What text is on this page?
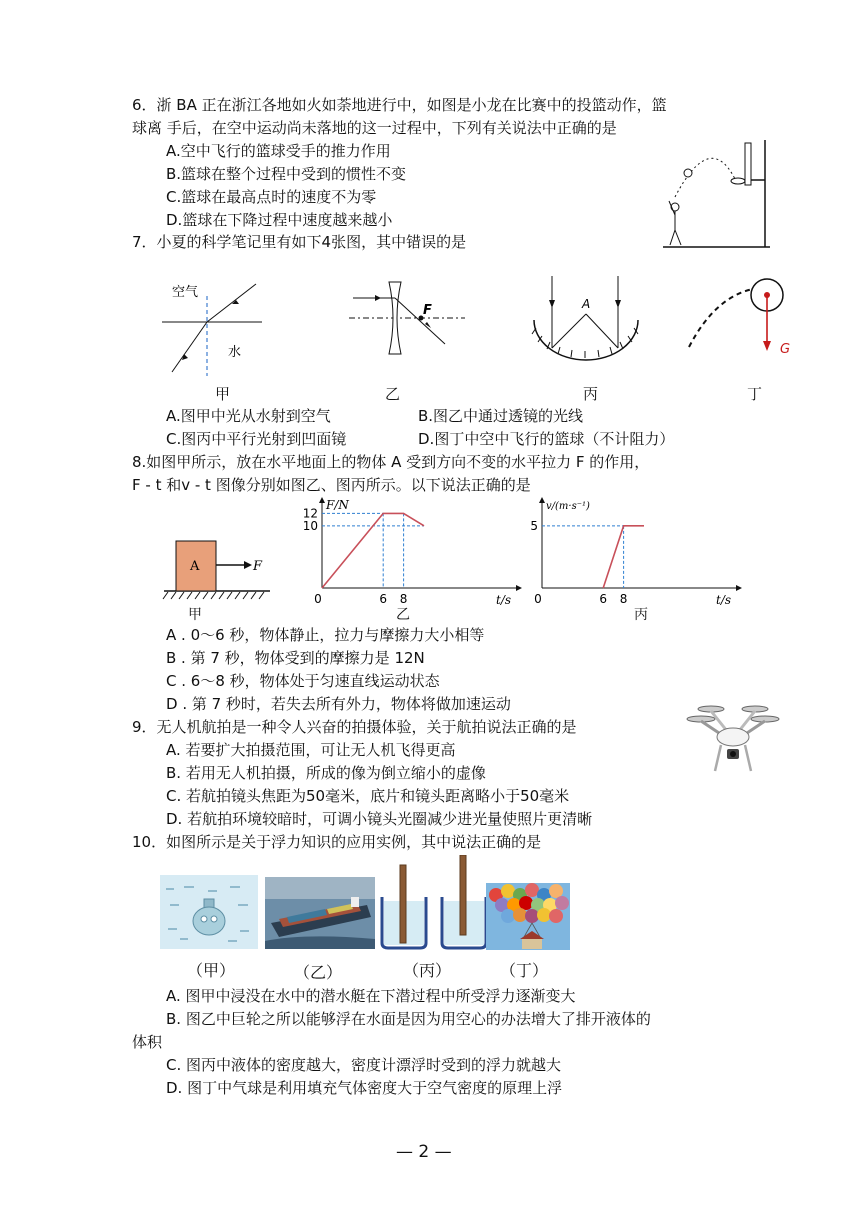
6．浙 BA 正在浙江各地如火如荼地进行中，如图是小龙在比赛中的投篮动作，篮
球离 手后，在空中运动尚未落地的这一过程中，下列有关说法中正确的是
A.空中飞行的篮球受手的推力作用
B.篮球在整个过程中受到的惯性不变
C.篮球在最高点时的速度不为零
D.篮球在下降过程中速度越来越小
7．小夏的科学笔记里有如下4张图，其中错误的是
空气
水
F	A
G
甲	乙	丙	丁
A.图甲中光从水射到空气	B.图乙中通过透镜的光线
C.图丙中平行光射到凹面镜	D.图丁中空中飞行的篮球（不计阻力）
8.如图甲所示，放在水平地面上的物体 A 受到方向不变的水平拉力 F 的作用，
F - t 和v - t 图像分别如图乙、图丙所示。以下说法正确的是
A	F
10
12
0	6 8
F/N
t/s
5
0	6 8
v/(m·s⁻¹)
t/s
甲	乙	丙
A . 0～6 秒，物体静止，拉力与摩擦力大小相等
B . 第 7 秒，物体受到的摩擦力是 12N
C . 6～8 秒，物体处于匀速直线运动状态
D . 第 7 秒时，若失去所有外力，物体将做加速运动
9．无人机航拍是一种令人兴奋的拍摄体验，关于航拍说法正确的是
A. 若要扩大拍摄范围，可让无人机飞得更高
B. 若用无人机拍摄，所成的像为倒立缩小的虚像
C. 若航拍镜头焦距为50毫米，底片和镜头距离略小于50毫米
D. 若航拍环境较暗时，可调小镜头光圈减少进光量使照片更清晰
10．如图所示是关于浮力知识的应用实例，其中说法正确的是
（甲）	（乙）	（丙）	（丁）
A. 图甲中浸没在水中的潜水艇在下潜过程中所受浮力逐渐变大
B. 图乙中巨轮之所以能够浮在水面是因为用空心的办法增大了排开液体的
体积
C. 图丙中液体的密度越大，密度计漂浮时受到的浮力就越大
D. 图丁中气球是利用填充气体密度大于空气密度的原理上浮
— 2 —
